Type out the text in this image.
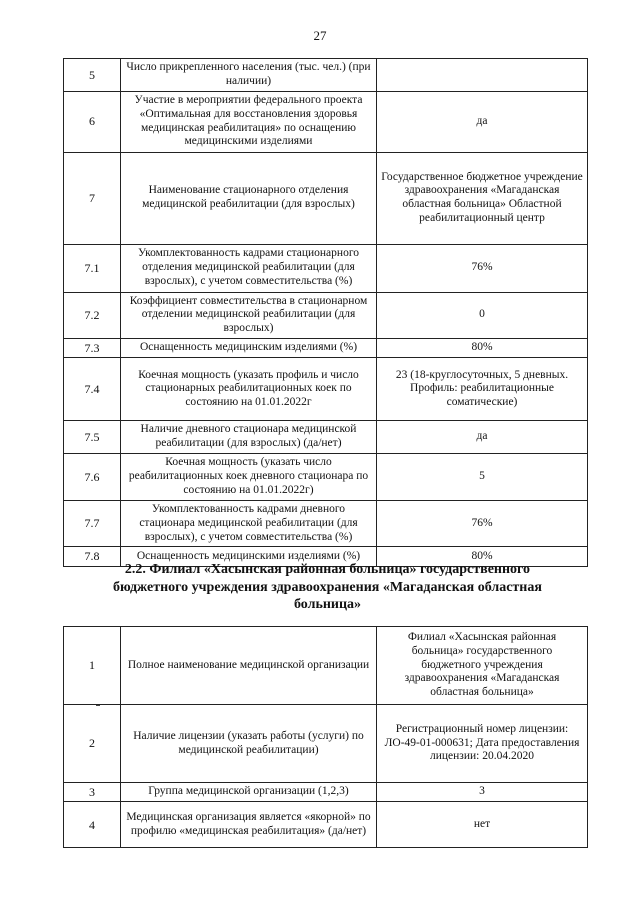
27
5	Число прикрепленного населения (тыс. чел.) (при наличии)	
6	Участие в мероприятии федерального проекта «Оптимальная для восстановления здоровья медицинская реабилитация» по оснащению медицинскими изделиями	да
7	Наименование стационарного отделения медицинской реабилитации (для взрослых)	Государственное бюджетное учреждение здравоохранения «Магаданская областная больница» Областной реабилитационный центр
7.1	Укомплектованность кадрами стационарного отделения медицинской реабилитации (для взрослых), с учетом совместительства (%)	76%
7.2	Коэффициент совместительства в стационарном отделении медицинской реабилитации (для взрослых)	0
7.3	Оснащенность медицинским изделиями (%)	80%
7.4	Коечная мощность (указать профиль и число стационарных реабилитационных коек по состоянию на 01.01.2022г	23 (18-круглосуточных, 5 дневных. Профиль: реабилитационные соматические)
7.5	Наличие дневного стационара медицинской реабилитации (для взрослых) (да/нет)	да
7.6	Коечная мощность (указать число реабилитационных коек дневного стационара по состоянию на 01.01.2022г)	5
7.7	Укомплектованность кадрами дневного стационара медицинской реабилитации (для взрослых), с учетом совместительства (%)	76%
7.8	Оснащенность медицинскими изделиями (%)	80%
2.2. Филиал «Хасынская районная больница» государственного бюджетного учреждения здравоохранения «Магаданская областная больница»
1	Полное наименование медицинской организации	Филиал «Хасынская районная больница» государственного бюджетного учреждения здравоохранения «Магаданская областная больница»
2	Наличие лицензии (указать работы (услуги) по медицинской реабилитации)	Регистрационный номер лицензии: ЛО-49-01-000631; Дата предоставления лицензии: 20.04.2020
3	Группа медицинской организации (1,2,3)	3
4	Медицинская организация является «якорной» по профилю «медицинская реабилитация» (да/нет)	нет
